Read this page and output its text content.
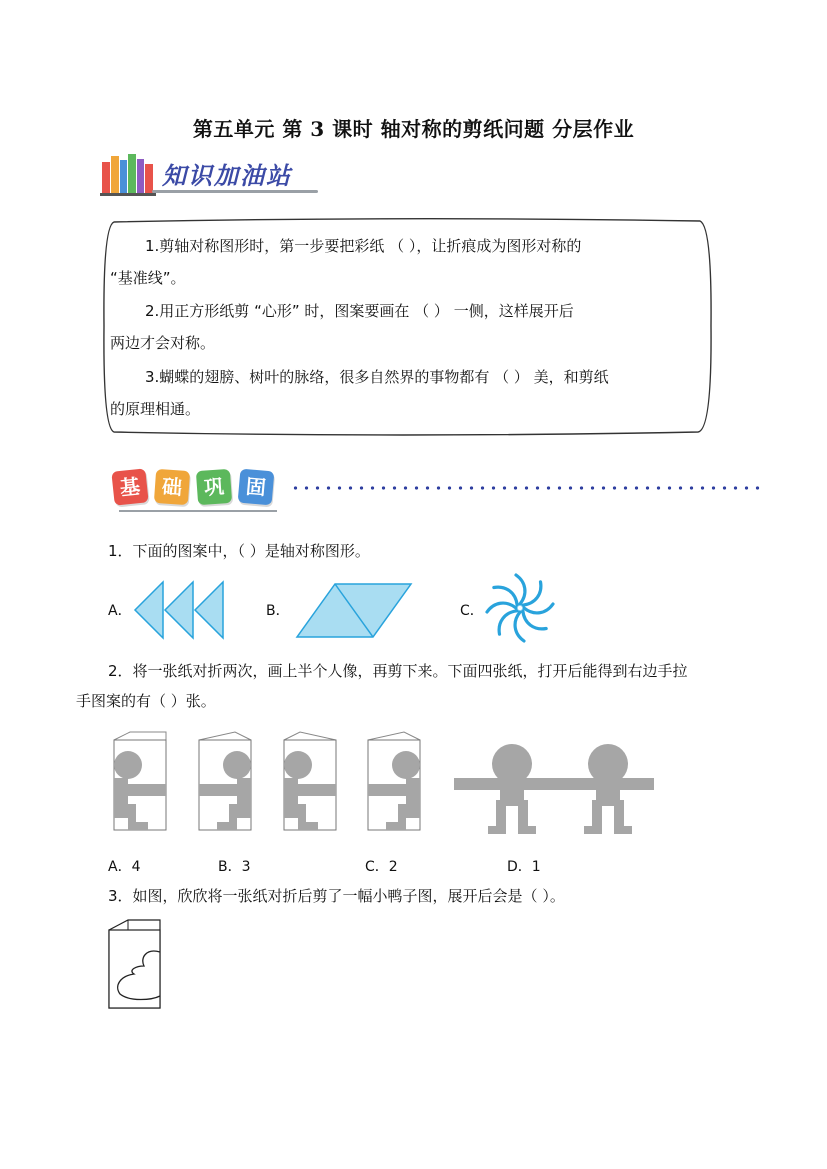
第五单元 第 3 课时 轴对称的剪纸问题 分层作业
知识加油站
1.剪轴对称图形时，第一步要把彩纸 （ ），让折痕成为图形对称的
“基准线”。
2.用正方形纸剪 “心形” 时，图案要画在 （ ） 一侧，这样展开后
两边才会对称。
3.蝴蝶的翅膀、树叶的脉络，很多自然界的事物都有 （ ） 美，和剪纸
的原理相通。
基 础	巩	固
1．下面的图案中，（ ）是轴对称图形。
A．	B．	C．
2．将一张纸对折两次，画上半个人像，再剪下来。下面四张纸，打开后能得到右边手拉
手图案的有（ ）张。
A．4	B．3	C．2	D．1
3．如图，欣欣将一张纸对折后剪了一幅小鸭子图，展开后会是（ ）。
